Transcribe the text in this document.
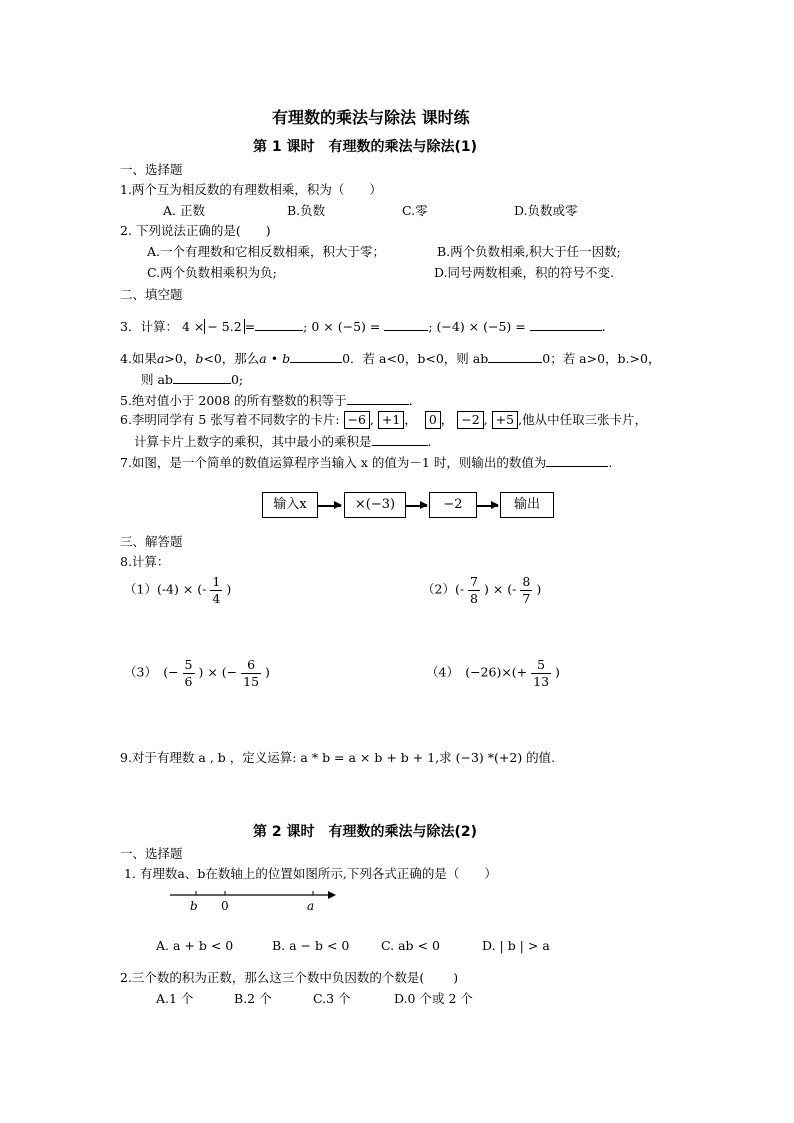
有理数的乘法与除法 课时练
第 1 课时　有理数的乘法与除法(1)
一、选择题
1.两个互为相反数的有理数相乘，积为（　　）
A. 正数	B.负数	C.零	D.负数或零
2. 下列说法正确的是(　　)
A.一个有理数和它相反数相乘，积大于零；	B.两个负数相乘,积大于任一因数;
C.两个负数相乘积为负;	D.同号两数相乘，积的符号不变.
二、填空题
3．计算： 4 × − 5.2 =	; 0 × (−5) =	; (−4) × (−5) =	.
4.如果a>0，b<0，那么a • b	0．若 a<0，b<0，则 ab	0；若 a>0，b.>0，
则 ab	0;
5.绝对值小于 2008 的所有整数的积等于	．
6.李明同学有 5 张写着不同数字的卡片: −6 , +1 ， 0 ， −2 , +5 ,他从中任取三张卡片，
计算卡片上数字的乘积，其中最小的乘积是	.
7.如图，是一个简单的数值运算程序当输入 x 的值为－1 时，则输出的数值为	.
输入x	×(−3)	−2	输出
三、解答题
8.计算：
（1）(-4) × (- $\frac{1}{4}$ )	$(2)(- \frac{7}{8}$ ) × (- $\frac{8}{7}$ )
（3）　(− $\frac{5}{6}$ ) × (− $\frac{6}{15}$ )	（4）　$(-26)\times(+ \frac{5}{13}$ )
9.对于有理数 a , b ，定义运算: a * b = a × b + b + 1,求 (−3) *(+2) 的值.
第 2 课时　有理数的乘法与除法(2)
一、选择题
1. 有理数a、b在数轴上的位置如图所示,下列各式正确的是（　　）
b 0	a
A. a + b < 0	B. a − b < 0	C. ab < 0	D. | b | > a
2.三个数的积为正数，那么这三个数中负因数的个数是(　　 )
A.1 个	B.2 个	C.3 个	D.0 个或 2 个
